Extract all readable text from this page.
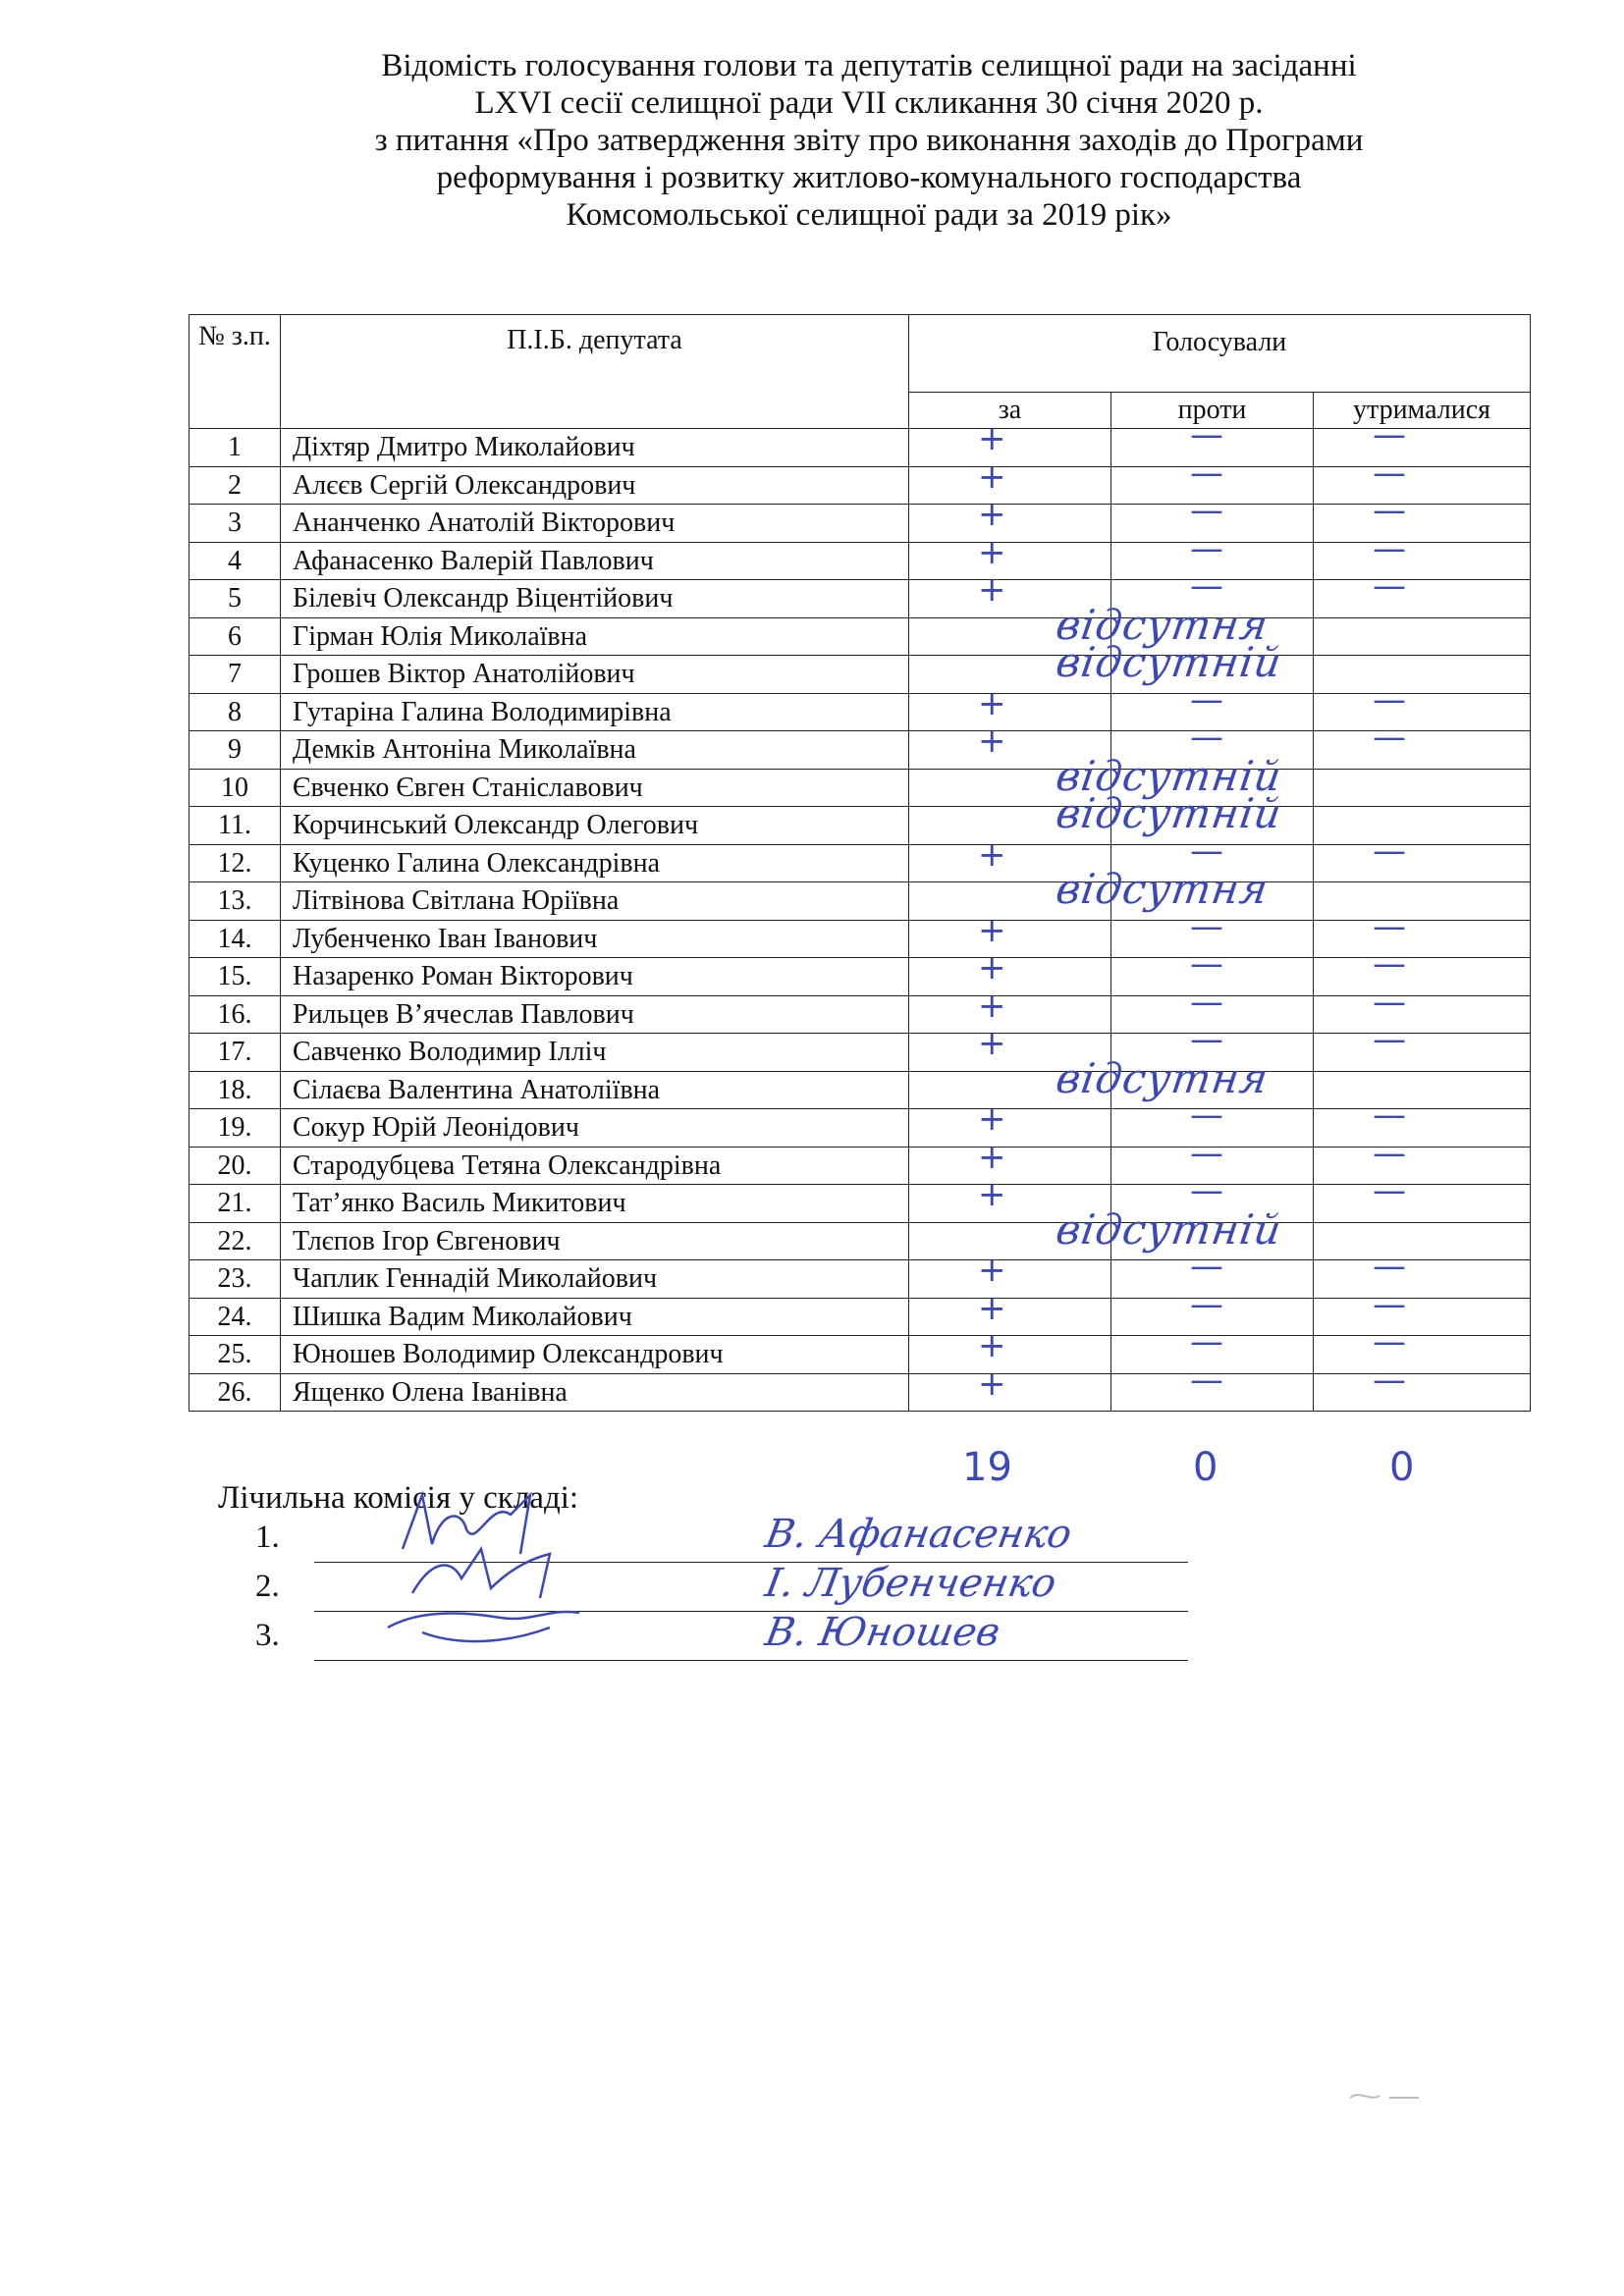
Відомість голосування голови та депутатів селищної ради на засіданні
LXVI сесії селищної ради VII скликання 30 січня 2020 р.
з питання «Про затвердження звіту про виконання заходів до Програми
реформування і розвитку житлово-комунального господарства
Комсомольської селищної ради за 2019 рік»
№ з.п.	П.І.Б. депутата	Голосували		
		за	проти	утрималися
1	Діхтяр Дмитро Миколайович	+	—	—

2	Алєєв Сергій Олександрович	+	—	—

3	Ананченко Анатолій Вікторович	+	—	—

4	Афанасенко Валерій Павлович	+	—	—

5	Білевіч Олександр Віцентійович	+	—	—

6	Гірман Юлія Миколаївна	відсутня		

7	Грошев Віктор Анатолійович	відсутній		

8	Гутаріна Галина Володимирівна	+	—	—

9	Демків Антоніна Миколаївна	+	—	—

10	Євченко Євген Станіславович	відсутній		

11.	Корчинський Олександр Олегович	відсутній		

12.	Куценко Галина Олександрівна	+	—	—

13.	Літвінова Світлана Юріївна	відсутня		

14.	Лубенченко Іван Іванович	+	—	—

15.	Назаренко Роман Вікторович	+	—	—

16.	Рильцев В’ячеслав Павлович	+	—	—

17.	Савченко Володимир Ілліч	+	—	—

18.	Сілаєва Валентина Анатоліївна	відсутня		

19.	Сокур Юрій Леонідович	+	—	—

20.	Стародубцева Тетяна Олександрівна	+	—	—

21.	Тат’янко Василь Микитович	+	—	—

22.	Тлєпов Ігор Євгенович	відсутній		

23.	Чаплик Геннадій Миколайович	+	—	—

24.	Шишка Вадим Миколайович	+	—	—

25.	Юношев Володимир Олександрович	+	—	—

26.	Ященко Олена Іванівна	+	—	—
19	0	0
Лічильна комісія у складі:
1.	В. Афанасенко
2.	І. Лубенченко
3.	В. Юношев
